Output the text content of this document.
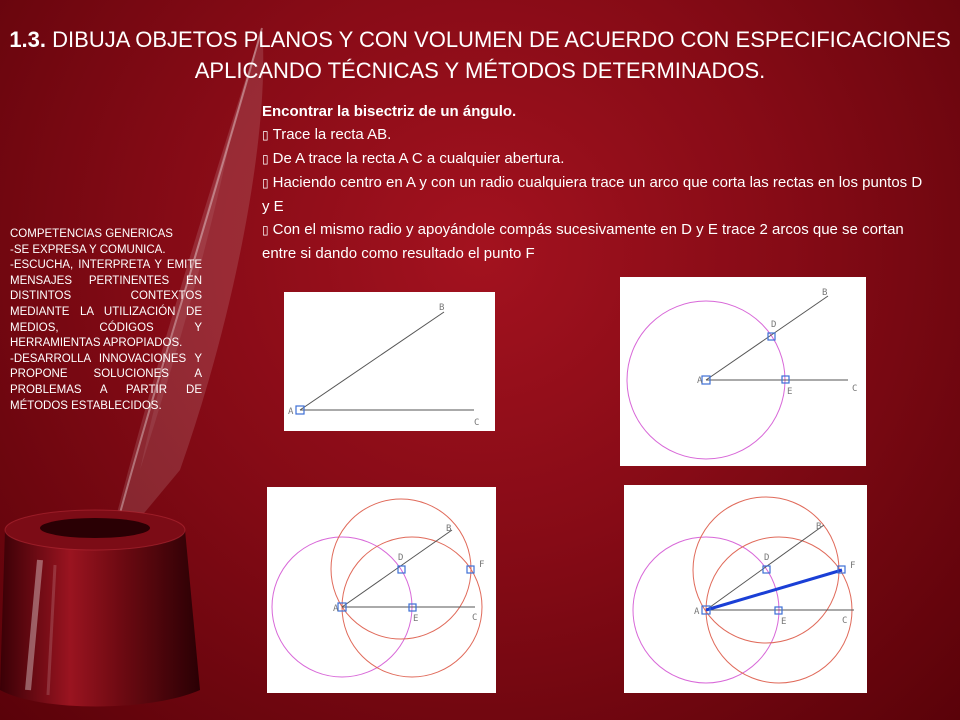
1.3. DIBUJA OBJETOS PLANOS Y CON VOLUMEN DE ACUERDO CON ESPECIFICACIONES APLICANDO TÉCNICAS Y MÉTODOS DETERMINADOS.
Encontrar la bisectriz de un ángulo.
▯ Trace la recta AB.
▯ De A trace la recta A C a cualquier abertura.
▯ Haciendo centro en A y con un radio cualquiera trace un arco que corta las rectas en los puntos D y E
▯ Con el mismo radio y apoyándole compás sucesivamente en D y E trace 2 arcos que se cortan entre si dando como resultado el punto F
COMPETENCIAS GENERICAS
-SE EXPRESA Y COMUNICA.
-ESCUCHA, INTERPRETA Y EMITE MENSAJES PERTINENTES EN DISTINTOS CONTEXTOS MEDIANTE LA UTILIZACIÓN DE MEDIOS, CÓDIGOS Y HERRAMIENTAS APROPIADOS.
-DESARROLLA INNOVACIONES Y PROPONE SOLUCIONES A PROBLEMAS A PARTIR DE MÉTODOS ESTABLECIDOS.
A
B
C
A
B
D
E	C
A
B
D
E
F
C
A
B
D
E
F
C
